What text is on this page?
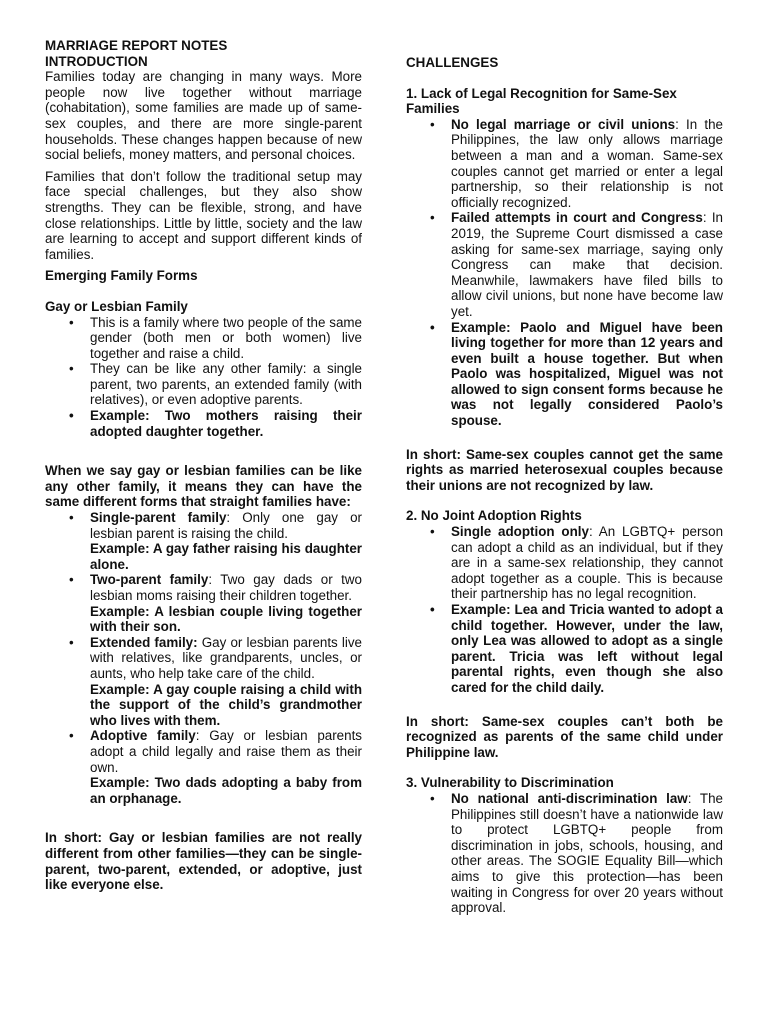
MARRIAGE REPORT NOTES
INTRODUCTION

Families today are changing in many ways. More people now live together without marriage (cohabitation), some families are made up of same-sex couples, and there are more single-parent households. These changes happen because of new social beliefs, money matters, and personal choices.

Families that don’t follow the traditional setup may face special challenges, but they also show strengths. They can be flexible, strong, and have close relationships. Little by little, society and the law are learning to accept and support different kinds of families.

Emerging Family Forms
Gay or Lesbian Family
• This is a family where two people of the same gender (both men or both women) live together and raise a child.
• They can be like any other family: a single parent, two parents, an extended family (with relatives), or even adoptive parents.
• Example: Two mothers raising their adopted daughter together.

When we say gay or lesbian families can be like any other family, it means they can have the same different forms that straight families have:

• Single-parent family: Only one gay or lesbian parent is raising the child.
Example: A gay father raising his daughter alone.
• Two-parent family: Two gay dads or two lesbian moms raising their children together.
Example: A lesbian couple living together with their son.
• Extended family: Gay or lesbian parents live with relatives, like grandparents, uncles, or aunts, who help take care of the child.
Example: A gay couple raising a child with the support of the child’s grandmother who lives with them.
• Adoptive family: Gay or lesbian parents adopt a child legally and raise them as their own.
Example: Two dads adopting a baby from an orphanage.

In short: Gay or lesbian families are not really different from other families—they can be single-parent, two-parent, extended, or adoptive, just like everyone else.

CHALLENGES
1. Lack of Legal Recognition for Same-Sex Families
• No legal marriage or civil unions: In the Philippines, the law only allows marriage between a man and a woman. Same-sex couples cannot get married or enter a legal partnership, so their relationship is not officially recognized.
• Failed attempts in court and Congress: In 2019, the Supreme Court dismissed a case asking for same-sex marriage, saying only Congress can make that decision. Meanwhile, lawmakers have filed bills to allow civil unions, but none have become law yet.
• Example: Paolo and Miguel have been living together for more than 12 years and even built a house together. But when Paolo was hospitalized, Miguel was not allowed to sign consent forms because he was not legally considered Paolo’s spouse.

In short: Same-sex couples cannot get the same rights as married heterosexual couples because their unions are not recognized by law.

2. No Joint Adoption Rights
• Single adoption only: An LGBTQ+ person can adopt a child as an individual, but if they are in a same-sex relationship, they cannot adopt together as a couple. This is because their partnership has no legal recognition.
• Example: Lea and Tricia wanted to adopt a child together. However, under the law, only Lea was allowed to adopt as a single parent. Tricia was left without legal parental rights, even though she also cared for the child daily.

In short: Same-sex couples can’t both be recognized as parents of the same child under Philippine law.

3. Vulnerability to Discrimination
• No national anti-discrimination law: The Philippines still doesn’t have a nationwide law to protect LGBTQ+ people from discrimination in jobs, schools, housing, and other areas. The SOGIE Equality Bill—which aims to give this protection—has been waiting in Congress for over 20 years without approval.
